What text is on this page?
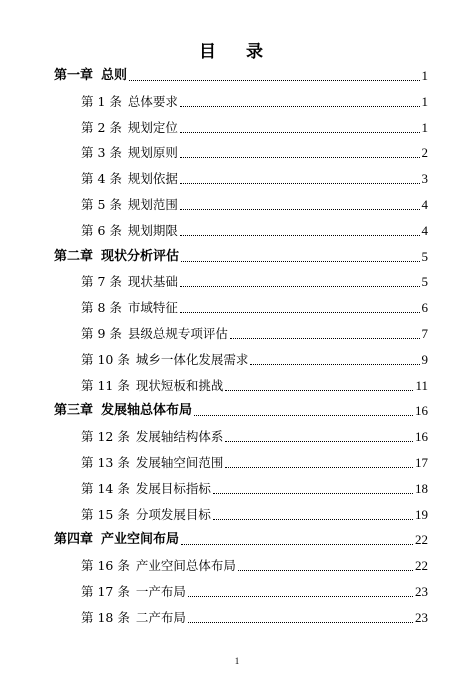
目 录
第一章 总则	1
第 1 条 总体要求	1
第 2 条 规划定位	1
第 3 条 规划原则	2
第 4 条 规划依据	3
第 5 条 规划范围	4
第 6 条 规划期限	4
第二章 现状分析评估	5
第 7 条 现状基础	5
第 8 条 市域特征	6
第 9 条 县级总规专项评估	7
第 10 条 城乡一体化发展需求	9
第 11 条 现状短板和挑战	11
第三章 发展轴总体布局	16
第 12 条 发展轴结构体系	16
第 13 条 发展轴空间范围	17
第 14 条 发展目标指标	18
第 15 条 分项发展目标	19
第四章 产业空间布局	22
第 16 条 产业空间总体布局	22
第 17 条 一产布局	23
第 18 条 二产布局	23
1
